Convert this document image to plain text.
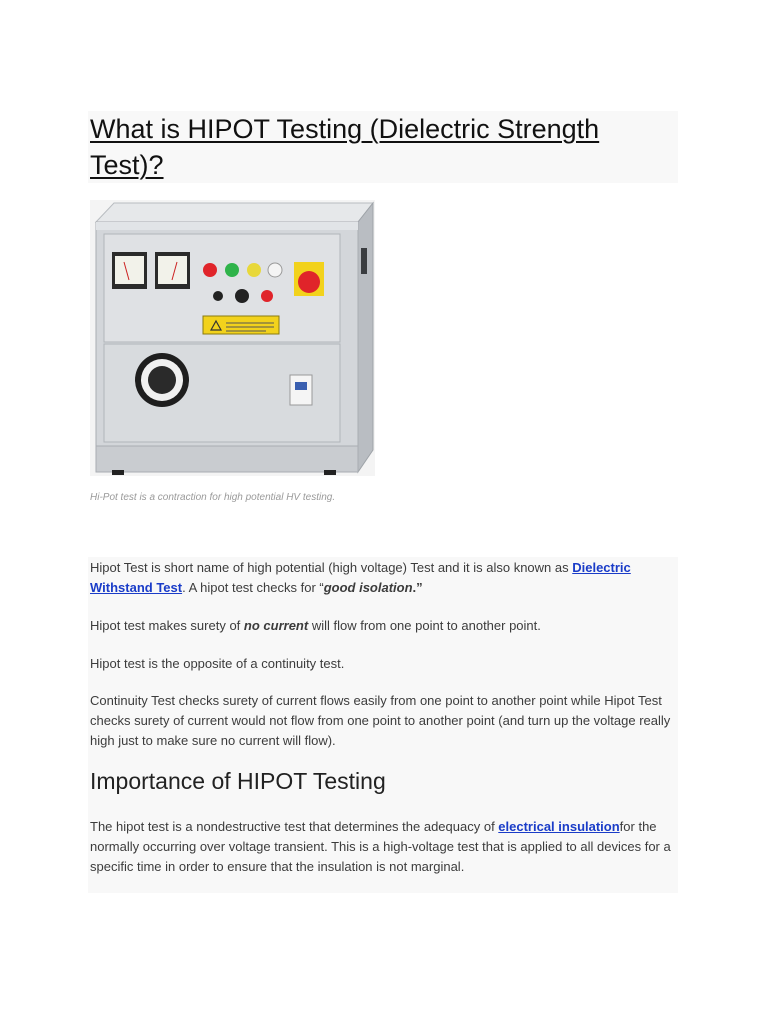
What is HIPOT Testing (Dielectric Strength Test)?
Hi-Pot test is a contraction for high potential HV testing.

Hipot Test is short name of high potential (high voltage) Test and it is also known as Dielectric Withstand Test. A hipot test checks for “good isolation.”

Hipot test makes surety of no current will flow from one point to another point.

Hipot test is the opposite of a continuity test.

Continuity Test checks surety of current flows easily from one point to another point while Hipot Test checks surety of current would not flow from one point to another point (and turn up the voltage really high just to make sure no current will flow).

Importance of HIPOT Testing

The hipot test is a nondestructive test that determines the adequacy of electrical insulationfor the normally occurring over voltage transient. This is a high-voltage test that is applied to all devices for a specific time in order to ensure that the insulation is not marginal.
